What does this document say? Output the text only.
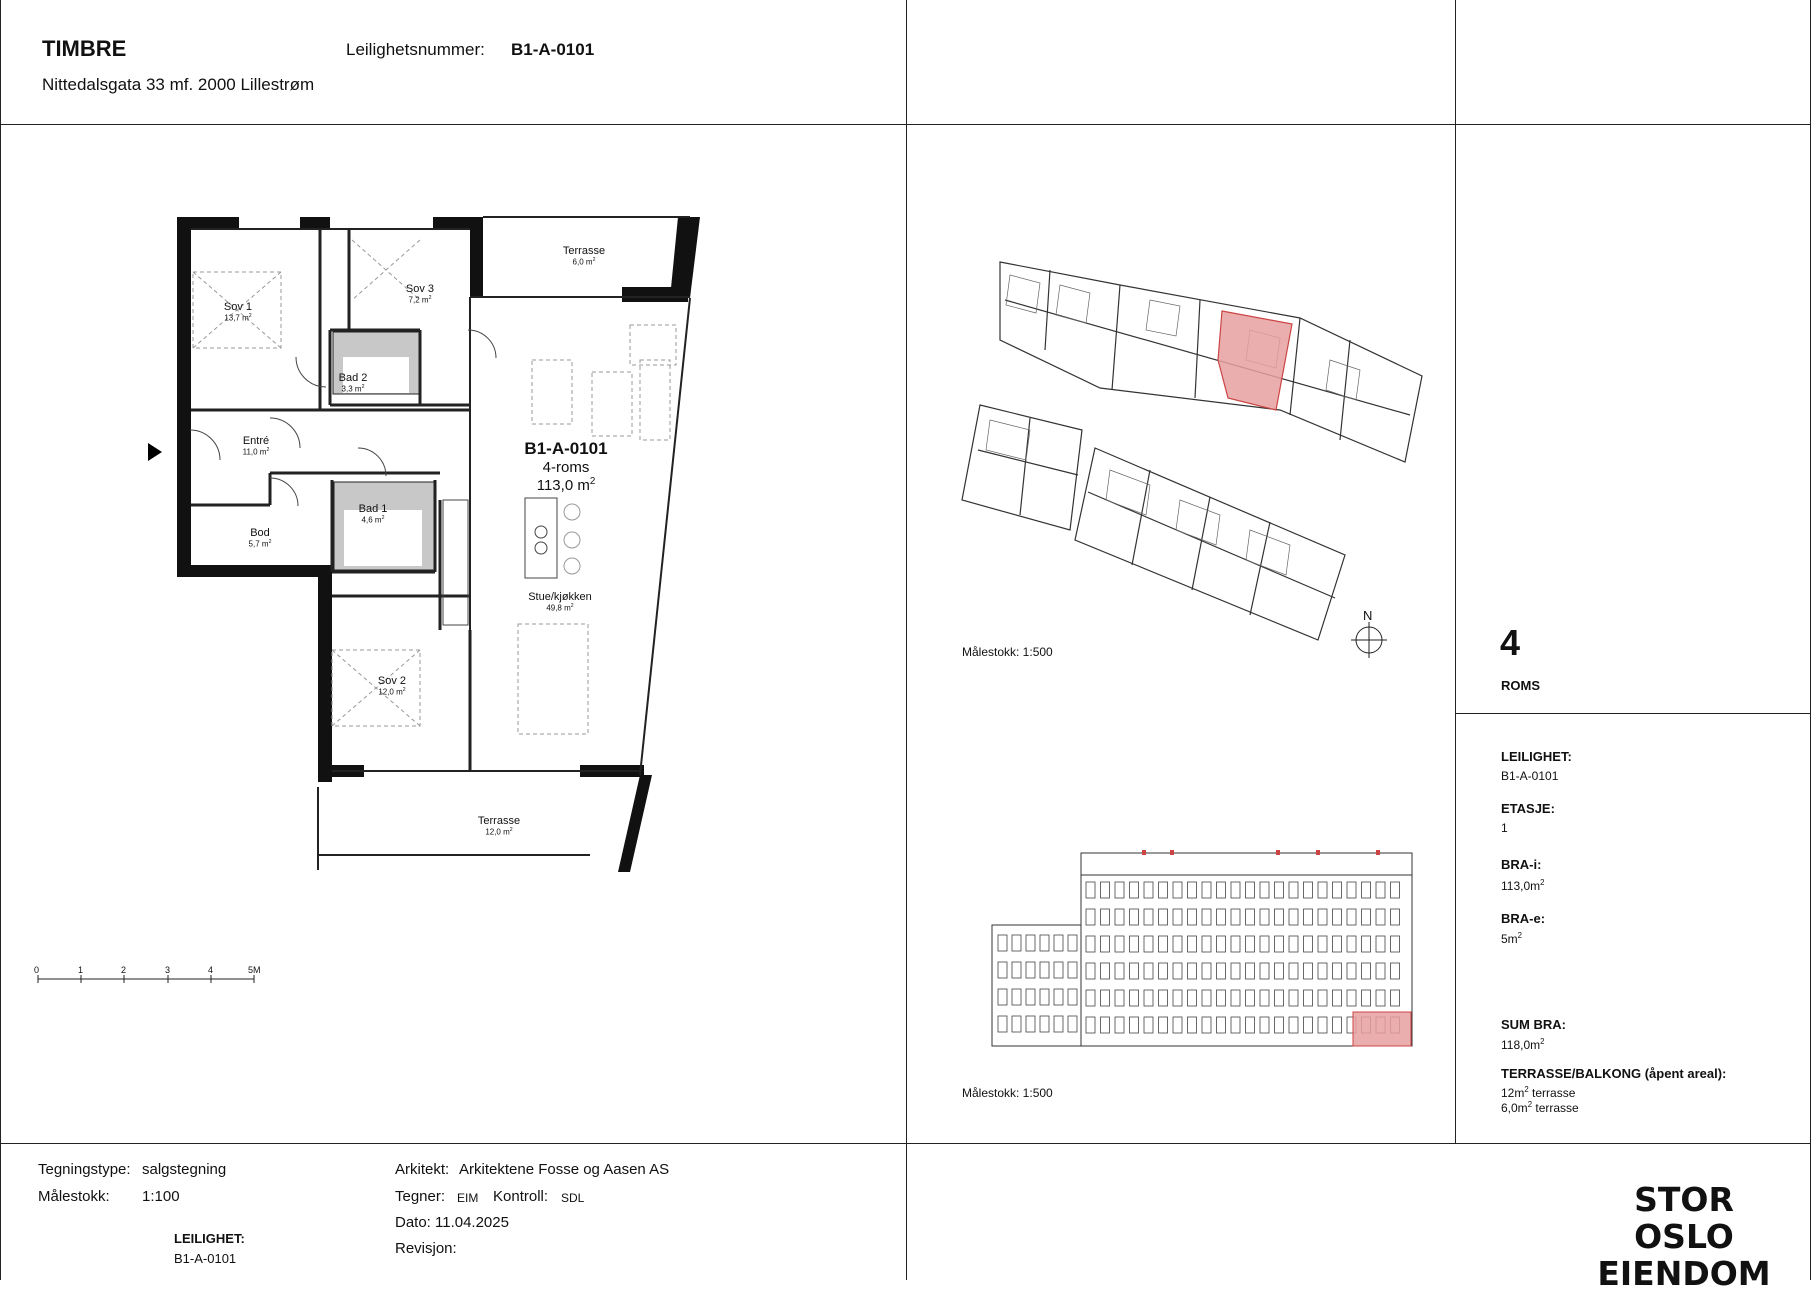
TIMBRE
Nittedalsgata 33 mf. 2000 Lillestrøm
Leilighetsnummer: B1-A-0101
Terrasse
6,0 $m^2$
Sov 1
13,7 $m^2$
Sov 3
7,2 $m^2$
Bad 2
3,3 $m^2$
Entré
11,0 $m^2$
Bad 1
4,6 $m^2$
Bod
5,7 $m^2$
Stue/kjøkken
49,8 $m^2$
Sov 2
12,0 $m^2$
Terrasse
12,0 $m^2$
B1-A-0101
4-roms
113,0 $m^2$
0	1	2	3	4	5M
N
Målestokk: 1:500
Målestokk: 1:500
4
ROMS
LEILIGHET:
B1-A-0101
ETASJE:
1
BRA-i:
$113,0m^2$
BRA-e:
$5m^2$
SUM BRA:
$118,0m^2$
TERRASSE/BALKONG (åpent areal):
$12m^2$ terrasse
$6,0m^2$ terrasse
Tegningstype: salgstegning
Målestokk: 1:100
LEILIGHET:
B1-A-0101
Arkitekt: Arkitektene Fosse og Aasen AS
Tegner: EIM Kontroll: SDL
Dato: 11.04.2025
Revisjon:
STOR OSLO
EIENDOM
